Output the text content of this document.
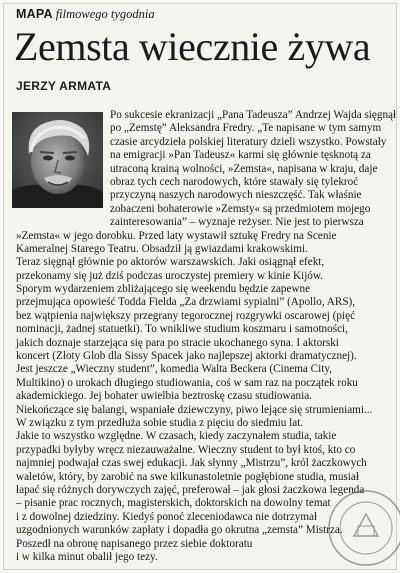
MAPA filmowego tygodnia
Zemsta wiecznie żywa
JERZY ARMATA
Po sukcesie ekranizacji „Pana Tadeusza” Andrzej Wajda sięgnął
po „Zemstę” Aleksandra Fredry. „Te napisane w tym samym
czasie arcydzieła polskiej literatury dzieli wszystko. Powstały
na emigracji »Pan Tadeusz« karmi się głównie tęsknotą za
utraconą krainą wolności, »Zemsta«, napisana w kraju, daje
obraz tych cech narodowych, które stawały się tylekroć
przyczyną naszych narodowych nieszczęść. Tak właśnie
zobaczeni bohaterowie »Zemsty« są przedmiotem mojego
zainteresowania” – wyznaje reżyser. Nie jest to pierwsza
»Zemsta« w jego dorobku. Przed laty wystawił sztukę Fredry na Scenie
Kameralnej Starego Teatru. Obsadził ją gwiazdami krakowskimi.
Teraz sięgnął głównie po aktorów warszawskich. Jaki osiągnął efekt,
przekonamy się już dziś podczas uroczystej premiery w kinie Kijów.
Sporym wydarzeniem zbliżającego się weekendu będzie zapewne
przejmująca opowieść Todda Fielda „Za drzwiami sypialni” (Apollo, ARS),
bez wątpienia największy przegrany tegorocznej rozgrywki oscarowej (pięć
nominacji, żadnej statuetki). To wnikliwe studium koszmaru i samotności,
jakich doznaje starzejąca się para po stracie ukochanego syna. I aktorski
koncert (Złoty Glob dla Sissy Spacek jako najlepszej aktorki dramatycznej).
Jest jeszcze „Wieczny student”, komedia Walta Beckera (Cinema City,
Multikino) o urokach długiego studiowania, coś w sam raz na początek roku
akademickiego. Jej bohater uwielbia beztroskę czasu studiowania.
Niekończące się balangi, wspaniałe dziewczyny, piwo lejące się strumieniami...
W związku z tym przedłuża sobie studia z pięciu do siedmiu lat.
Jakie to wszystko względne. W czasach, kiedy zaczynałem studia, takie
przypadki byłyby wręcz niezauważalne. Wieczny student to był ktoś, kto co
najmniej podwajał czas swej edukacji. Jak słynny „Mistrzu”, król żaczkowych
waletów, który, by zarobić na swe kilkunastoletnie pogłębione studia, musiał
łapać się różnych dorywczych zajęć, preferował – jak głosi żaczkowa legenda
– pisanie prac rocznych, magisterskich, doktorskich na dowolny temat
i z dowolnej dziedziny. Kiedyś ponoć zleceniodawca nie dotrzymał
uzgodnionych warunków zapłaty i dopadła go okrutna „zemsta” Mistrza.
Poszedł na obronę napisanego przez siebie doktoratu
i w kilka minut obalił jego tezy.
